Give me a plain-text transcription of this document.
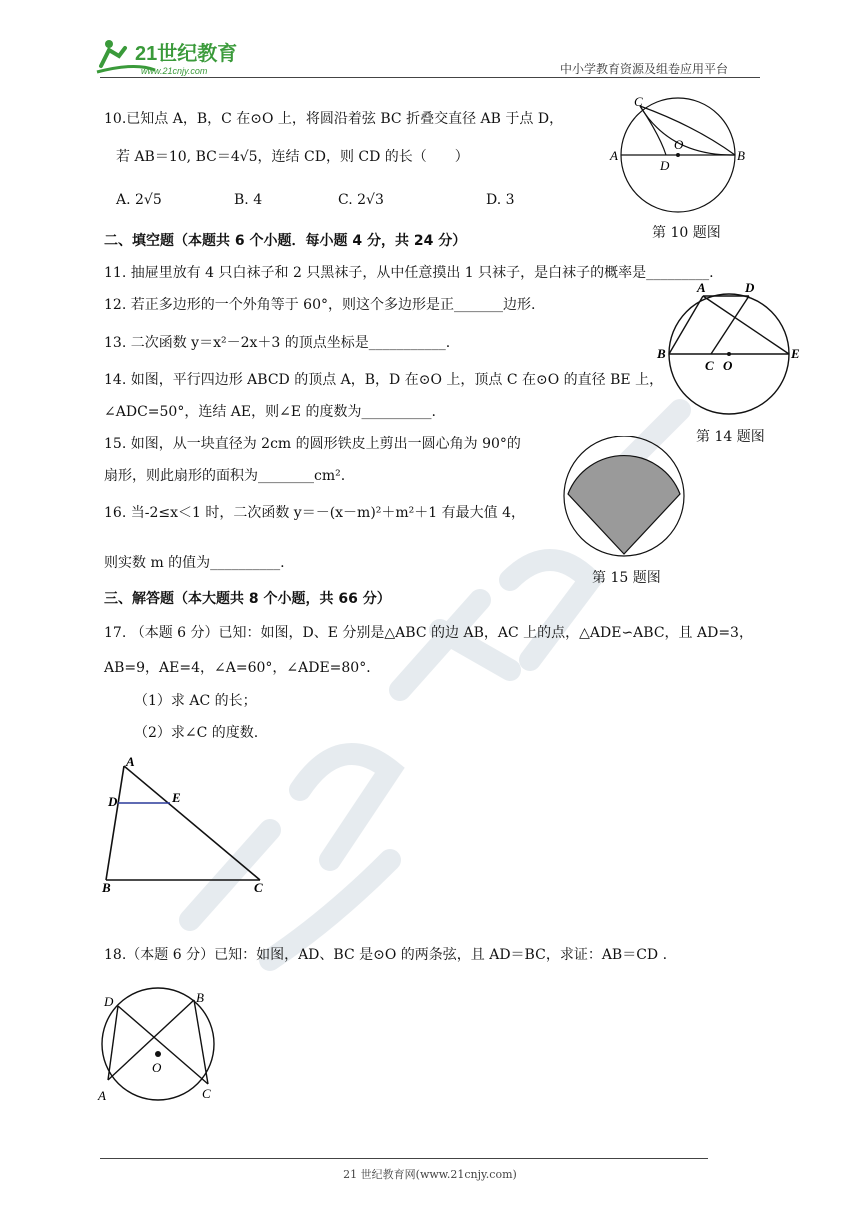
21世纪教育
www.21cnjy.com	中小学教育资源及组卷应用平台
10.已知点 A，B，C 在⊙O 上，将圆沿着弦 BC 折叠交直径 AB 于点 D，
若 AB＝10, BC＝4√5，连结 CD，则 CD 的长（　　）
A. 2√5	B. 4	C. 2√3	D. 3
C
O
A
D
B
第 10 题图
二、填空题（本题共 6 个小题．每小题 4 分，共 24 分）
11. 抽屉里放有 4 只白袜子和 2 只黑袜子，从中任意摸出 1 只袜子，是白袜子的概率是_________.
12. 若正多边形的一个外角等于 60°，则这个多边形是正_______边形.
13. 二次函数 y＝x²－2x＋3 的顶点坐标是___________.
14. 如图，平行四边形 ABCD 的顶点 A，B，D 在⊙O 上，顶点 C 在⊙O 的直径 BE 上，
∠ADC=50°，连结 AE，则∠E 的度数为__________.
15. 如图，从一块直径为 2cm 的圆形铁皮上剪出一圆心角为 90°的
扇形，则此扇形的面积为________cm².
16. 当-2≤x＜1 时，二次函数 y＝－(x－m)²＋m²＋1 有最大值 4，
则实数 m 的值为__________.
A	D
B
C O
E
第 14 题图
第 15 题图
三、解答题（本大题共 8 个小题，共 66 分）
17. （本题 6 分）已知：如图，D、E 分别是△ABC 的边 AB，AC 上的点，△ADE∽ABC，且 AD=3，
AB=9，AE=4，∠A=60°，∠ADE=80°．
（1）求 AC 的长；
（2）求∠C 的度数.
A
D	E
B	C
18.（本题 6 分）已知：如图，AD、BC 是⊙O 的两条弦，且 AD＝BC，求证：AB＝CD .
D	B
O
A	C
21 世纪教育网(www.21cnjy.com)
